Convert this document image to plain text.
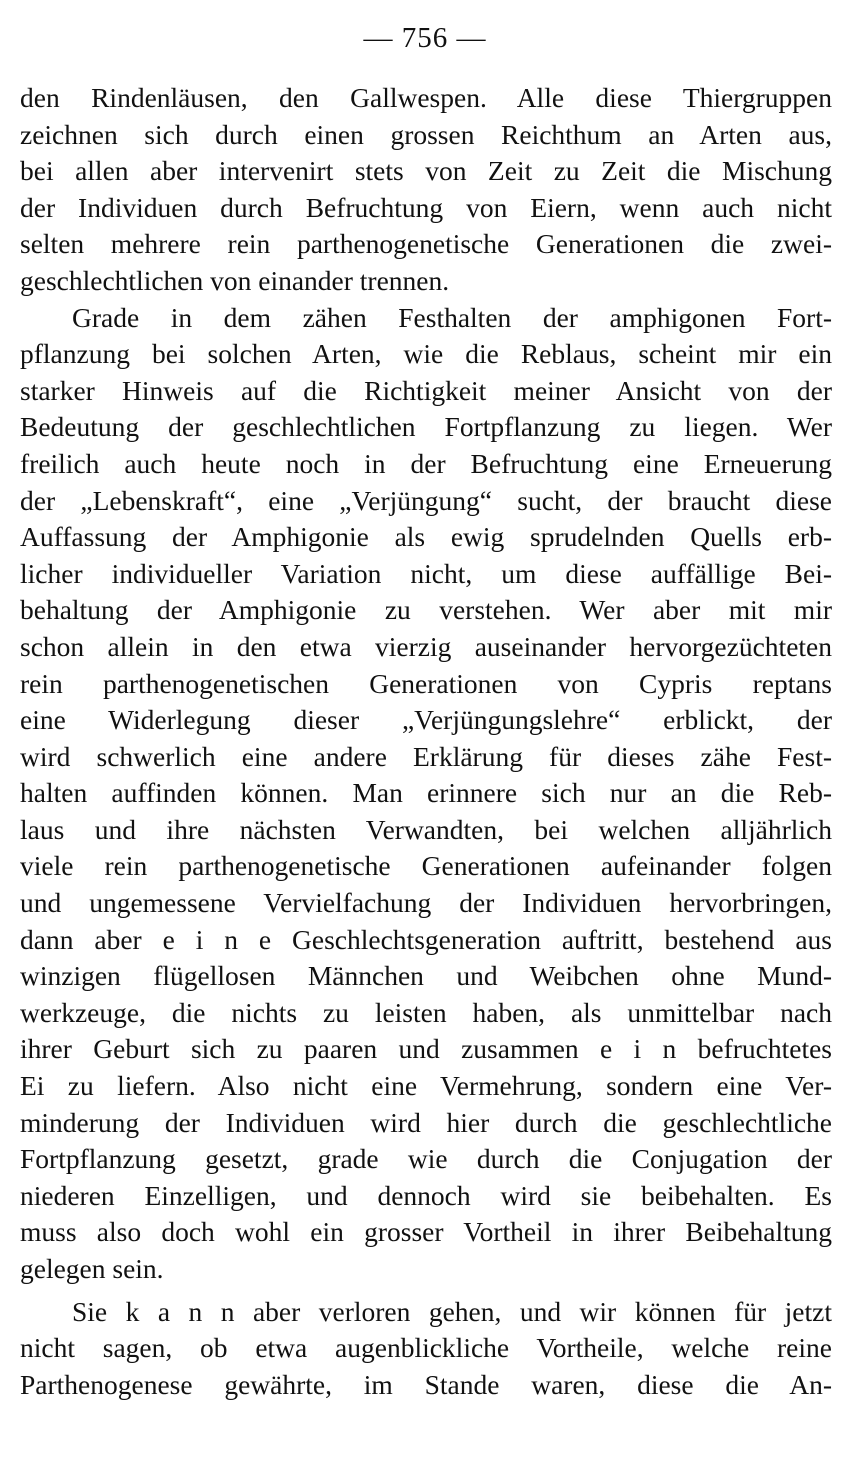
— 756 —
den Rindenläusen, den Gallwespen. Alle diese Thiergruppen
zeichnen sich durch einen grossen Reichthum an Arten aus,
bei allen aber intervenirt stets von Zeit zu Zeit die Mischung
der Individuen durch Befruchtung von Eiern, wenn auch nicht
selten mehrere rein parthenogenetische Generationen die zwei-
geschlechtlichen von einander trennen.
Grade in dem zähen Festhalten der amphigonen Fort-
pflanzung bei solchen Arten, wie die Reblaus, scheint mir ein
starker Hinweis auf die Richtigkeit meiner Ansicht von der
Bedeutung der geschlechtlichen Fortpflanzung zu liegen. Wer
freilich auch heute noch in der Befruchtung eine Erneuerung
der „Lebenskraft“, eine „Verjüngung“ sucht, der braucht diese
Auffassung der Amphigonie als ewig sprudelnden Quells erb-
licher individueller Variation nicht, um diese auffällige Bei-
behaltung der Amphigonie zu verstehen. Wer aber mit mir
schon allein in den etwa vierzig auseinander hervorgezüchteten
rein parthenogenetischen Generationen von Cypris reptans
eine Widerlegung dieser „Verjüngungslehre“ erblickt, der
wird schwerlich eine andere Erklärung für dieses zähe Fest-
halten auffinden können. Man erinnere sich nur an die Reb-
laus und ihre nächsten Verwandten, bei welchen alljährlich
viele rein parthenogenetische Generationen aufeinander folgen
und ungemessene Vervielfachung der Individuen hervorbringen,
dann aber e i n e Geschlechtsgeneration auftritt, bestehend aus
winzigen flügellosen Männchen und Weibchen ohne Mund-
werkzeuge, die nichts zu leisten haben, als unmittelbar nach
ihrer Geburt sich zu paaren und zusammen e i n befruchtetes
Ei zu liefern. Also nicht eine Vermehrung, sondern eine Ver-
minderung der Individuen wird hier durch die geschlechtliche
Fortpflanzung gesetzt, grade wie durch die Conjugation der
niederen Einzelligen, und dennoch wird sie beibehalten. Es
muss also doch wohl ein grosser Vortheil in ihrer Beibehaltung
gelegen sein.
Sie k a n n aber verloren gehen, und wir können für jetzt
nicht sagen, ob etwa augenblickliche Vortheile, welche reine
Parthenogenese gewährte, im Stande waren, diese die An-
